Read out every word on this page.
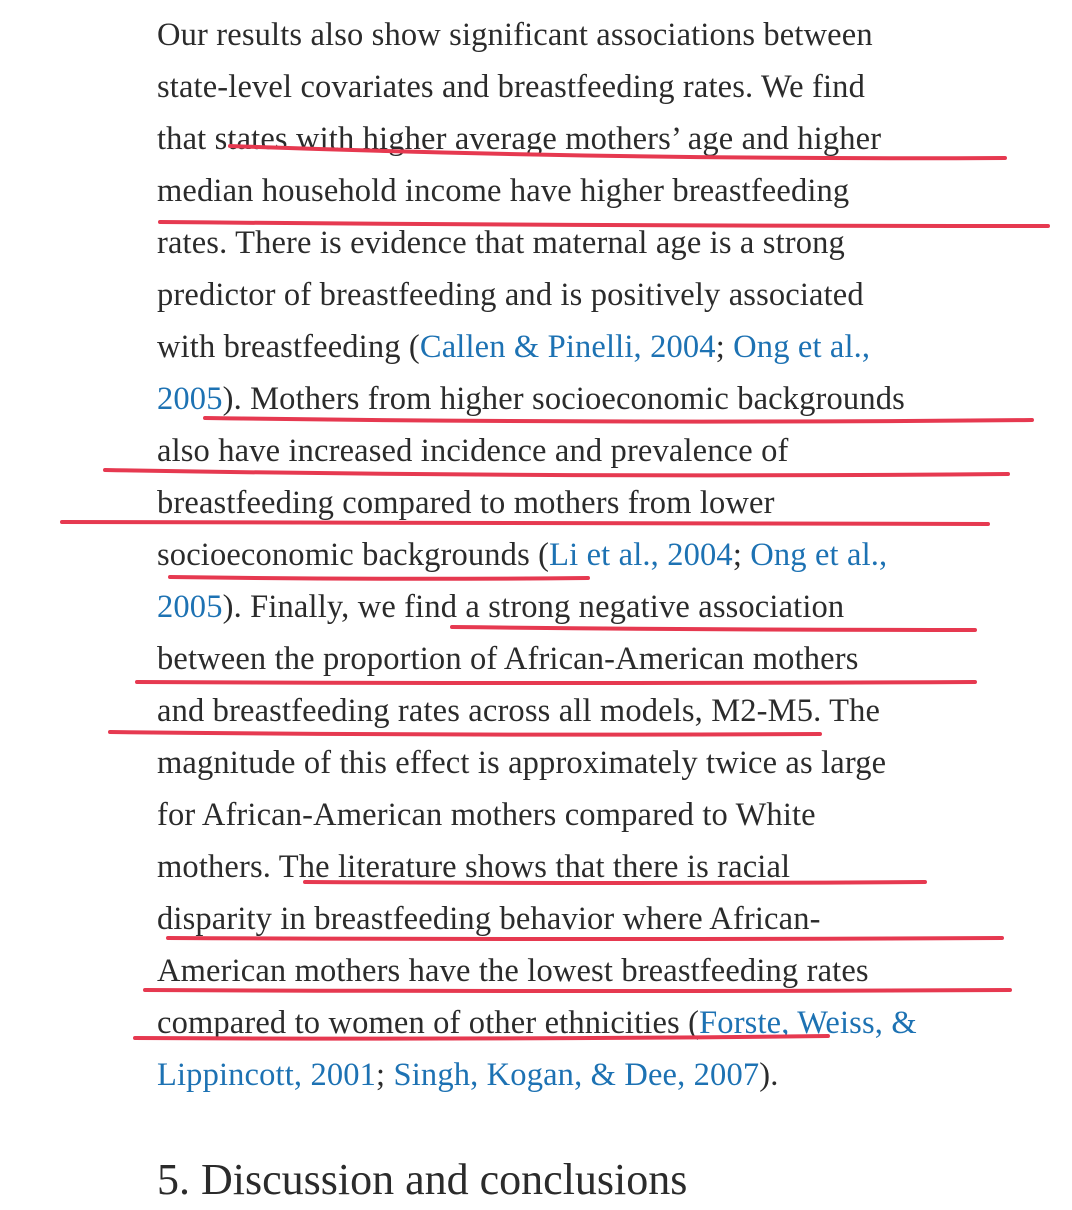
Our results also show significant associations between

state-level covariates and breastfeeding rates. We find

that states with higher average mothers’ age and higher

median household income have higher breastfeeding

rates. There is evidence that maternal age is a strong

predictor of breastfeeding and is positively associated

with breastfeeding (Callen & Pinelli, 2004; Ong et al.,

2005). Mothers from higher socioeconomic backgrounds

also have increased incidence and prevalence of

breastfeeding compared to mothers from lower

socioeconomic backgrounds (Li et al., 2004; Ong et al.,

2005). Finally, we find a strong negative association

between the proportion of African-American mothers

and breastfeeding rates across all models, M2-M5. The

magnitude of this effect is approximately twice as large

for African-American mothers compared to White

mothers. The literature shows that there is racial

disparity in breastfeeding behavior where African-

American mothers have the lowest breastfeeding rates

compared to women of other ethnicities (Forste, Weiss, &

Lippincott, 2001; Singh, Kogan, & Dee, 2007).

5. Discussion and conclusions
